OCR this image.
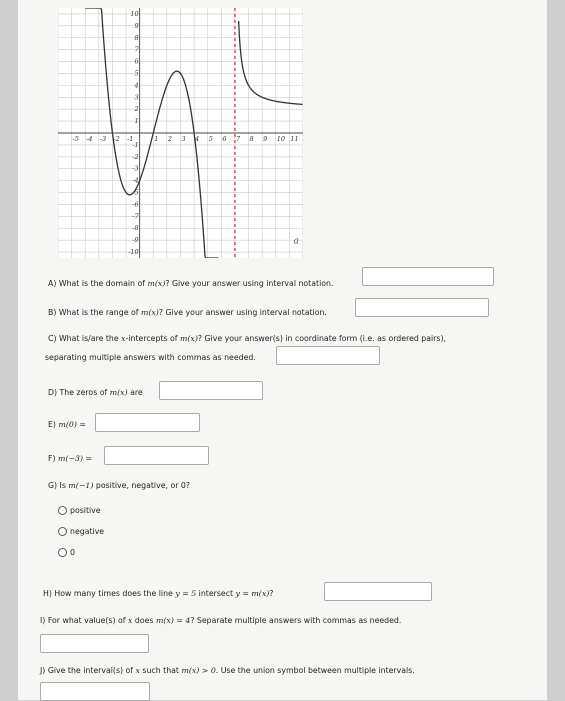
-5 -4 -3 -2 -1	1 2 3 4 5 6 7 8 9 10 11
10
9
8
7
6
5
4
3
2
1
-1
-2
-3
-4
-5
-6
-7
-8
-9
-10
a
A) What is the domain of m(x)? Give your answer using interval notation.
B) What is the range of m(x)? Give your answer using interval notation.
C) What is/are the x-intercepts of m(x)? Give your answer(s) in coordinate form (i.e. as ordered pairs),
separating multiple answers with commas as needed.
D) The zeros of m(x) are
E) m(0) =
F) m(−3) =
G) Is m(−1) positive, negative, or 0?
positive
negative
0
H) How many times does the line y = 5 intersect y = m(x)?
I) For what value(s) of x does m(x) = 4? Separate multiple answers with commas as needed.
J) Give the interval(s) of x such that m(x) > 0. Use the union symbol between multiple intervals.
